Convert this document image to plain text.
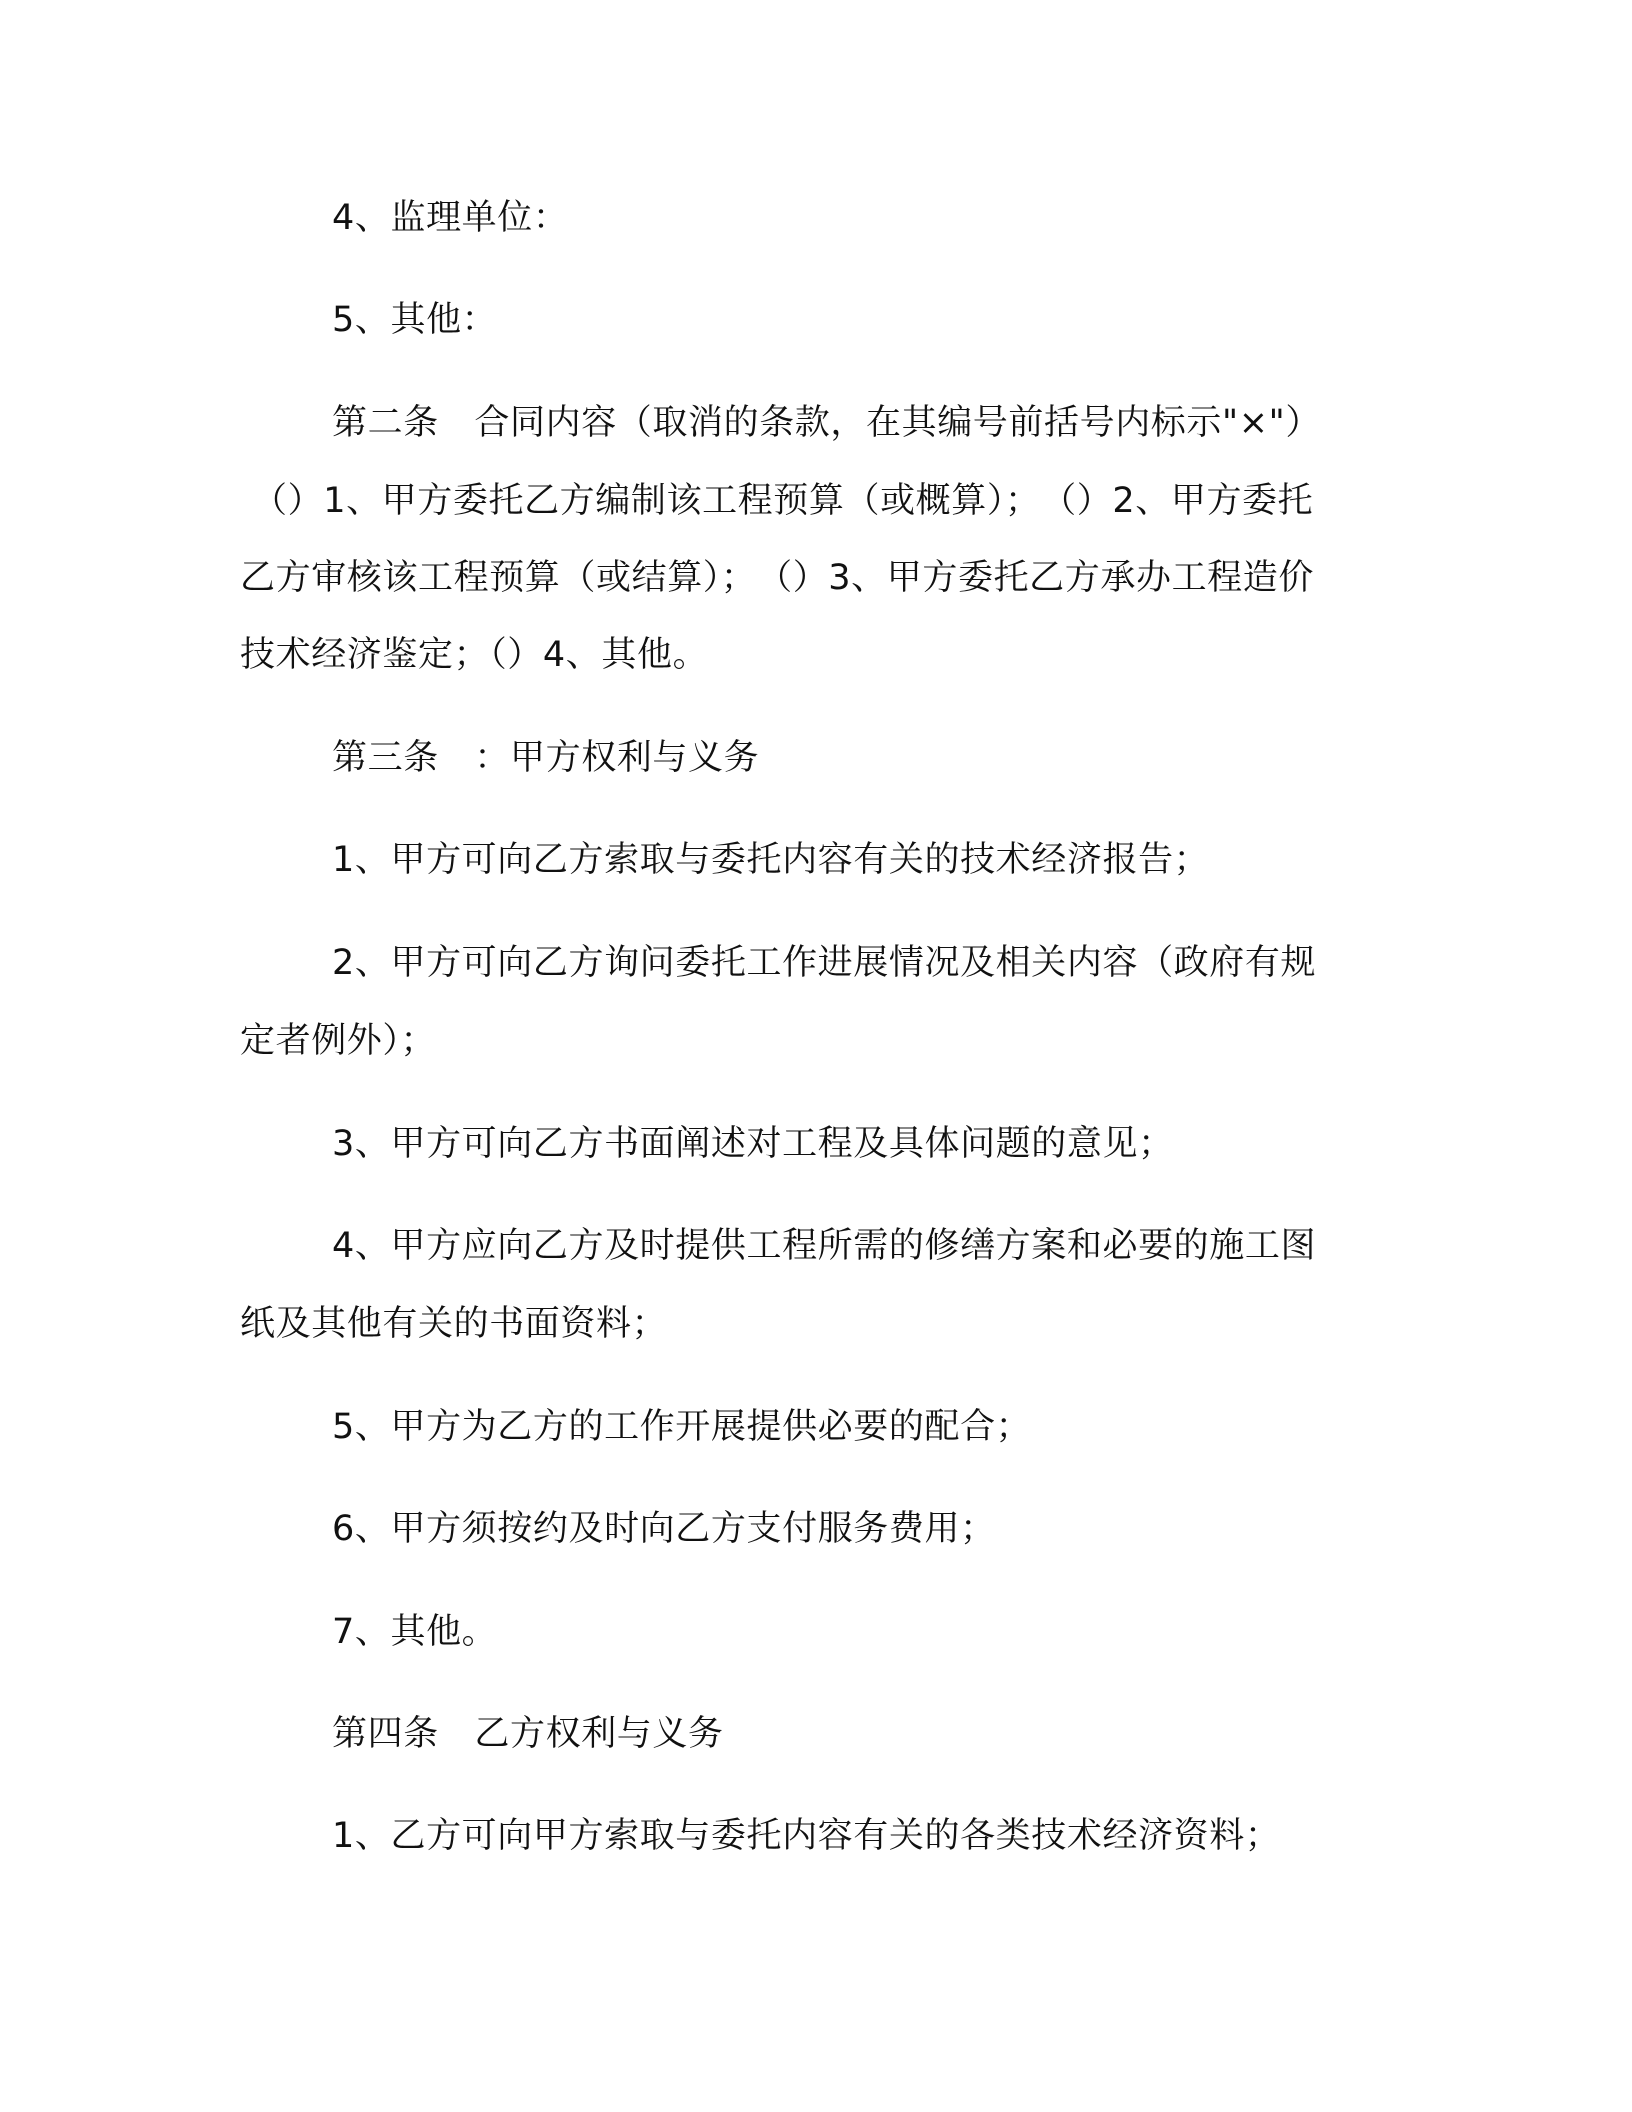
4、监理单位：
5、其他：
第二条　合同内容（取消的条款，在其编号前括号内标示"×"）
（）1、甲方委托乙方编制该工程预算（或概算）；　（）2、甲方委托
乙方审核该工程预算（或结算）；　（）3、甲方委托乙方承办工程造价
技术经济鉴定；（）4、其他。
第三条　：甲方权利与义务
1、甲方可向乙方索取与委托内容有关的技术经济报告；
2、甲方可向乙方询问委托工作进展情况及相关内容（政府有规
定者例外）；
3、甲方可向乙方书面阐述对工程及具体问题的意见；
4、甲方应向乙方及时提供工程所需的修缮方案和必要的施工图
纸及其他有关的书面资料；
5、甲方为乙方的工作开展提供必要的配合；
6、甲方须按约及时向乙方支付服务费用；
7、其他。
第四条　乙方权利与义务
1、乙方可向甲方索取与委托内容有关的各类技术经济资料；
